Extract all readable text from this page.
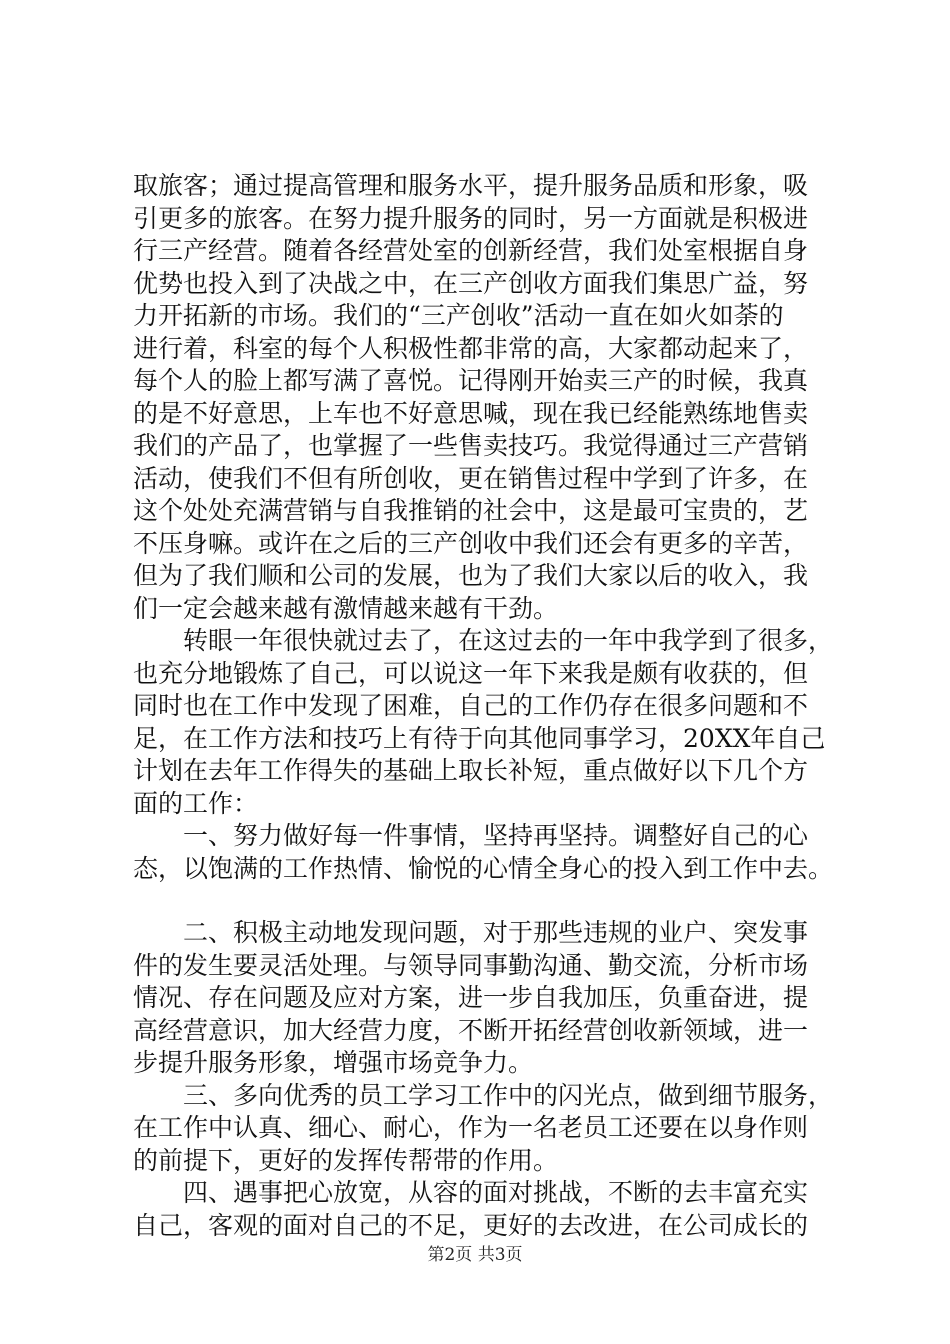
取旅客；通过提高管理和服务水平，提升服务品质和形象，吸
引更多的旅客。在努力提升服务的同时，另一方面就是积极进
行三产经营。随着各经营处室的创新经营，我们处室根据自身
优势也投入到了决战之中，在三产创收方面我们集思广益，努
力开拓新的市场。我们的“三产创收”活动一直在如火如荼的
进行着，科室的每个人积极性都非常的高，大家都动起来了，
每个人的脸上都写满了喜悦。记得刚开始卖三产的时候，我真
的是不好意思，上车也不好意思喊，现在我已经能熟练地售卖
我们的产品了，也掌握了一些售卖技巧。我觉得通过三产营销
活动，使我们不但有所创收，更在销售过程中学到了许多，在
这个处处充满营销与自我推销的社会中，这是最可宝贵的，艺
不压身嘛。或许在之后的三产创收中我们还会有更多的辛苦，
但为了我们顺和公司的发展，也为了我们大家以后的收入，我
们一定会越来越有激情越来越有干劲。
转眼一年很快就过去了，在这过去的一年中我学到了很多，
也充分地锻炼了自己，可以说这一年下来我是颇有收获的，但
同时也在工作中发现了困难，自己的工作仍存在很多问题和不
足，在工作方法和技巧上有待于向其他同事学习，20XX年自己
计划在去年工作得失的基础上取长补短，重点做好以下几个方
面的工作：
一、努力做好每一件事情，坚持再坚持。调整好自己的心
态，以饱满的工作热情、愉悦的心情全身心的投入到工作中去。
二、积极主动地发现问题，对于那些违规的业户、突发事
件的发生要灵活处理。与领导同事勤沟通、勤交流，分析市场
情况、存在问题及应对方案，进一步自我加压，负重奋进，提
高经营意识，加大经营力度，不断开拓经营创收新领域，进一
步提升服务形象，增强市场竞争力。
三、多向优秀的员工学习工作中的闪光点，做到细节服务，
在工作中认真、细心、耐心，作为一名老员工还要在以身作则
的前提下，更好的发挥传帮带的作用。
四、遇事把心放宽，从容的面对挑战，不断的去丰富充实
自己，客观的面对自己的不足，更好的去改进，在公司成长的
第2页 共3页
